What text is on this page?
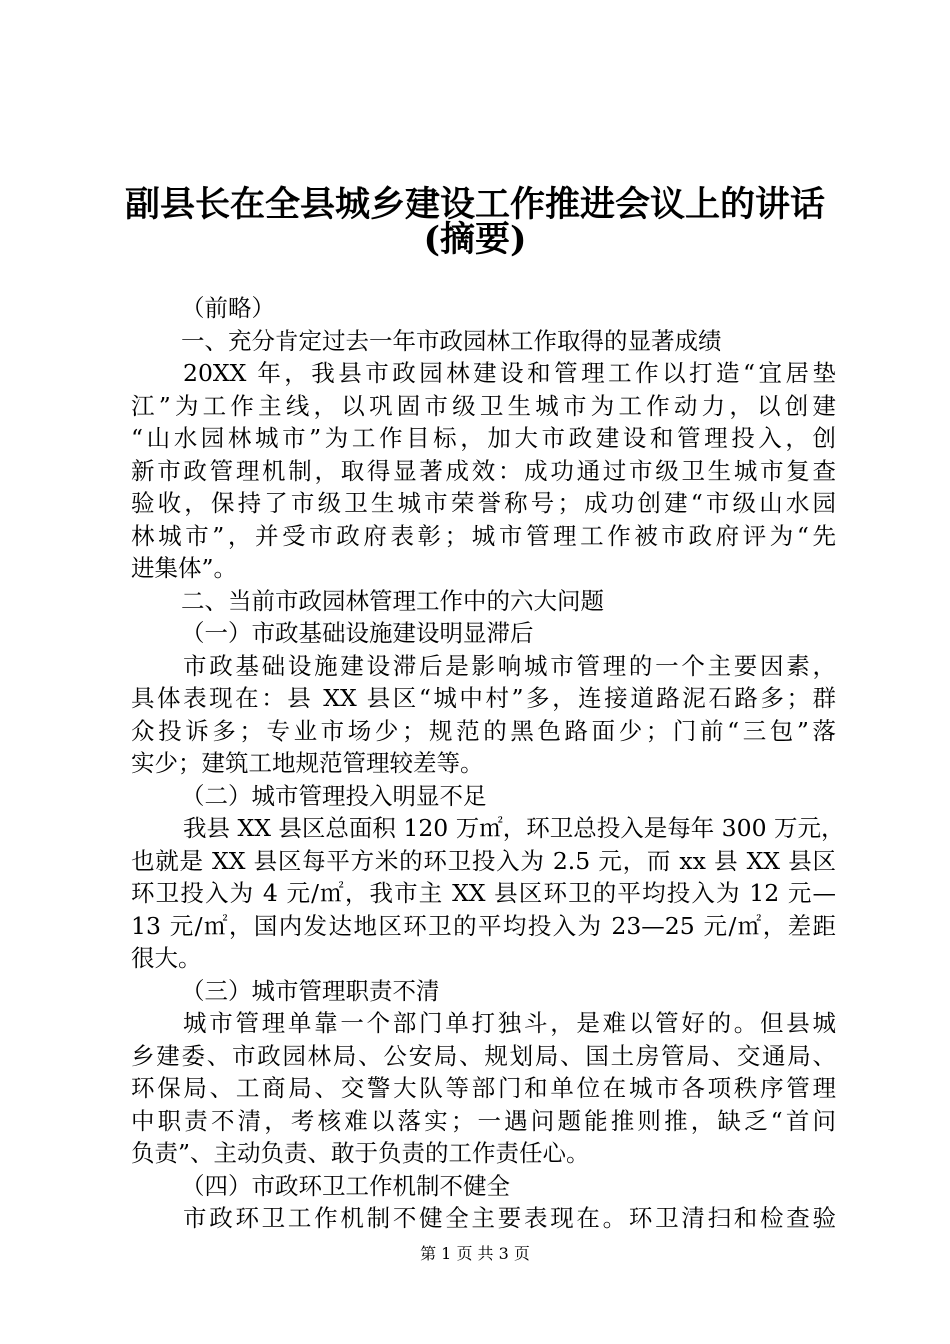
副县长在全县城乡建设工作推进会议上的讲话
(摘要)
（前略）
一、充分肯定过去一年市政园林工作取得的显著成绩
20XX 年，我县市政园林建设和管理工作以打造“宜居垫
江”为工作主线，以巩固市级卫生城市为工作动力，以创建
“山水园林城市”为工作目标，加大市政建设和管理投入，创
新市政管理机制，取得显著成效：成功通过市级卫生城市复查
验收，保持了市级卫生城市荣誉称号；成功创建“市级山水园
林城市”，并受市政府表彰；城市管理工作被市政府评为“先
进集体”。
二、当前市政园林管理工作中的六大问题
（一）市政基础设施建设明显滞后
市政基础设施建设滞后是影响城市管理的一个主要因素，
具体表现在：县 XX 县区“城中村”多，连接道路泥石路多；群
众投诉多；专业市场少；规范的黑色路面少；门前“三包”落
实少；建筑工地规范管理较差等。
（二）城市管理投入明显不足
我县 XX 县区总面积 120 万㎡，环卫总投入是每年 300 万元，
也就是 XX 县区每平方米的环卫投入为 2.5 元，而 xx 县 XX 县区
环卫投入为 4 元/㎡，我市主 XX 县区环卫的平均投入为 12 元—
13 元/㎡，国内发达地区环卫的平均投入为 23—25 元/㎡，差距
很大。
（三）城市管理职责不清
城市管理单靠一个部门单打独斗，是难以管好的。但县城
乡建委、市政园林局、公安局、规划局、国土房管局、交通局、
环保局、工商局、交警大队等部门和单位在城市各项秩序管理
中职责不清，考核难以落实；一遇问题能推则推，缺乏“首问
负责”、主动负责、敢于负责的工作责任心。
（四）市政环卫工作机制不健全
市政环卫工作机制不健全主要表现在。环卫清扫和检查验
第 1 页 共 3 页
